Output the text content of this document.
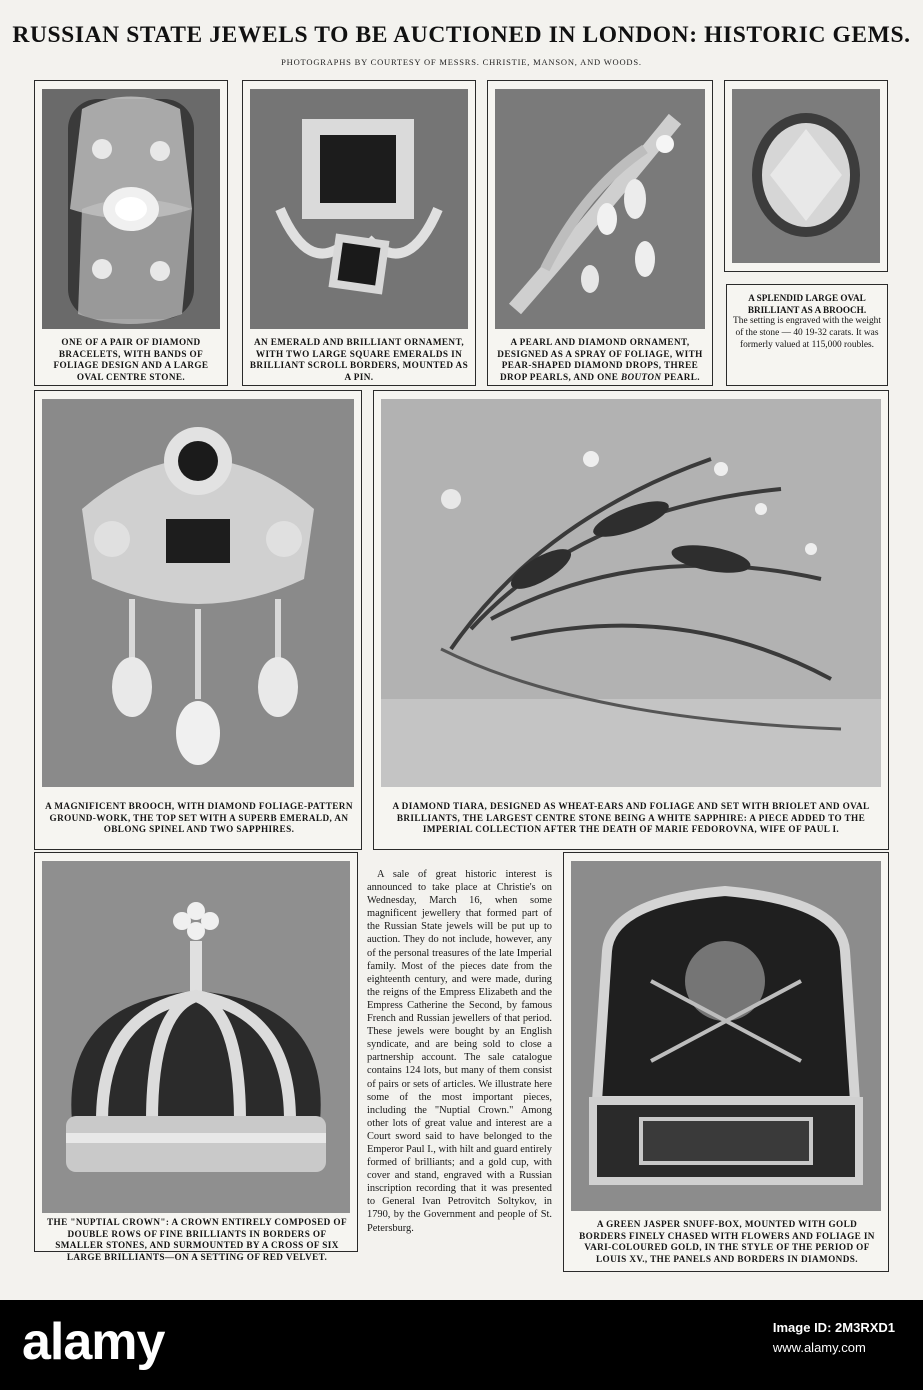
RUSSIAN STATE JEWELS TO BE AUCTIONED IN LONDON: HISTORIC GEMS.
PHOTOGRAPHS BY COURTESY OF MESSRS. CHRISTIE, MANSON, AND WOODS.
ONE OF A PAIR OF DIAMOND BRACELETS, WITH BANDS OF FOLIAGE DESIGN AND A LARGE OVAL CENTRE STONE.
AN EMERALD AND BRILLIANT ORNAMENT, WITH TWO LARGE SQUARE EMERALDS IN BRILLIANT SCROLL BORDERS, MOUNTED AS A PIN.
A PEARL AND DIAMOND ORNAMENT, DESIGNED AS A SPRAY OF FOLIAGE, WITH PEAR-SHAPED DIAMOND DROPS, THREE DROP PEARLS, AND ONE BOUTON PEARL.
A SPLENDID LARGE OVAL BRILLIANT AS A BROOCH.
The setting is engraved with the weight of the stone — 40 19-32 carats. It was formerly valued at 115,000 roubles.
A MAGNIFICENT BROOCH, WITH DIAMOND FOLIAGE-PATTERN GROUND-WORK, THE TOP SET WITH A SUPERB EMERALD, AN OBLONG SPINEL AND TWO SAPPHIRES.
A DIAMOND TIARA, DESIGNED AS WHEAT-EARS AND FOLIAGE AND SET WITH BRIOLET AND OVAL BRILLIANTS, THE LARGEST CENTRE STONE BEING A WHITE SAPPHIRE: A PIECE ADDED TO THE IMPERIAL COLLECTION AFTER THE DEATH OF MARIE FEDOROVNA, WIFE OF PAUL I.
THE "NUPTIAL CROWN": A CROWN ENTIRELY COMPOSED OF DOUBLE ROWS OF FINE BRILLIANTS IN BORDERS OF SMALLER STONES, AND SURMOUNTED BY A CROSS OF SIX LARGE BRILLIANTS—ON A SETTING OF RED VELVET.

A sale of great historic interest is announced to take place at Christie's on Wednesday, March 16, when some magnificent jewellery that formed part of the Russian State jewels will be put up to auction. They do not include, however, any of the personal treasures of the late Imperial family. Most of the pieces date from the eighteenth century, and were made, during the reigns of the Empress Elizabeth and the Empress Catherine the Second, by famous French and Russian jewellers of that period. These jewels were bought by an English syndicate, and are being sold to close a partnership account. The sale catalogue contains 124 lots, but many of them consist of pairs or sets of articles. We illustrate here some of the most important pieces, including the "Nuptial Crown." Among other lots of great value and interest are a Court sword said to have belonged to the Emperor Paul I., with hilt and guard entirely formed of brilliants; and a gold cup, with cover and stand, engraved with a Russian inscription recording that it was presented to General Ivan Petrovitch Soltykov, in 1790, by the Government and people of St. Petersburg.	A GREEN JASPER SNUFF-BOX, MOUNTED WITH GOLD BORDERS FINELY CHASED WITH FLOWERS AND FOLIAGE IN VARI-COLOURED GOLD, IN THE STYLE OF THE PERIOD OF LOUIS XV., THE PANELS AND BORDERS IN DIAMONDS.
alamy	Image ID: 2M3RXD1
www.alamy.com
